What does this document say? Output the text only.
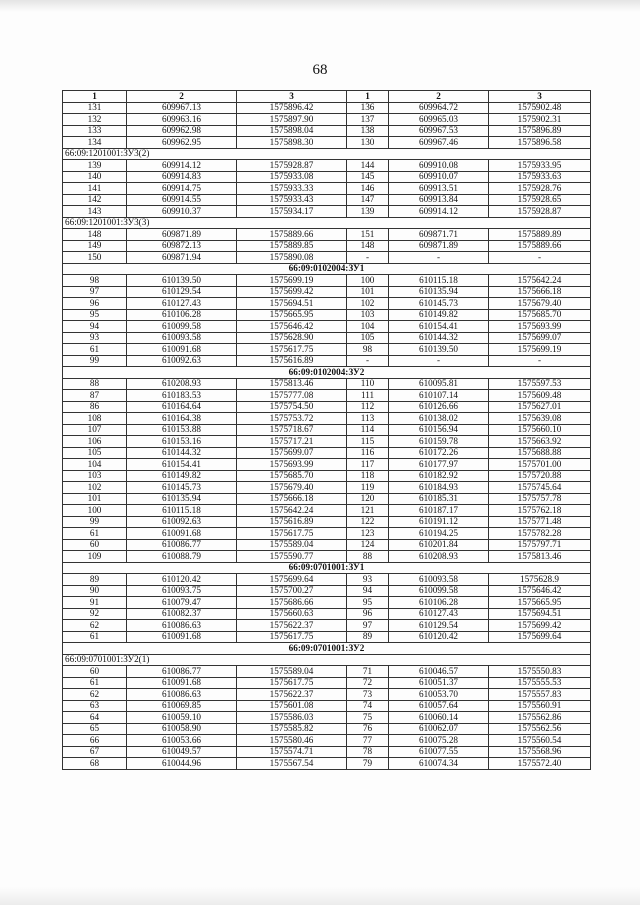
68
1	2	3	1	2	3
131	609967.13	1575896.42	136	609964.72	1575902.48
132	609963.16	1575897.90	137	609965.03	1575902.31
133	609962.98	1575898.04	138	609967.53	1575896.89
134	609962.95	1575898.30	130	609967.46	1575896.58
66:09:1201001:ЗУ3(2)					
139	609914.12	1575928.87	144	609910.08	1575933.95
140	609914.83	1575933.08	145	609910.07	1575933.63
141	609914.75	1575933.33	146	609913.51	1575928.76
142	609914.55	1575933.43	147	609913.84	1575928.65
143	609910.37	1575934.17	139	609914.12	1575928.87
66:09:1201001:ЗУ3(3)					
148	609871.89	1575889.66	151	609871.71	1575889.89
149	609872.13	1575889.85	148	609871.89	1575889.66
150	609871.94	1575890.08	-	-	-
66:09:0102004:ЗУ1					
98	610139.50	1575699.19	100	610115.18	1575642.24
97	610129.54	1575699.42	101	610135.94	1575666.18
96	610127.43	1575694.51	102	610145.73	1575679.40
95	610106.28	1575665.95	103	610149.82	1575685.70
94	610099.58	1575646.42	104	610154.41	1575693.99
93	610093.58	1575628.90	105	610144.32	1575699.07
61	610091.68	1575617.75	98	610139.50	1575699.19
99	610092.63	1575616.89	-	-	-
66:09:0102004:ЗУ2					
88	610208.93	1575813.46	110	610095.81	1575597.53
87	610183.53	1575777.08	111	610107.14	1575609.48
86	610164.64	1575754.50	112	610126.66	1575627.01
108	610164.38	1575753.72	113	610138.02	1575639.08
107	610153.88	1575718.67	114	610156.94	1575660.10
106	610153.16	1575717.21	115	610159.78	1575663.92
105	610144.32	1575699.07	116	610172.26	1575688.88
104	610154.41	1575693.99	117	610177.97	1575701.00
103	610149.82	1575685.70	118	610182.92	1575720.88
102	610145.73	1575679.40	119	610184.93	1575745.64
101	610135.94	1575666.18	120	610185.31	1575757.78
100	610115.18	1575642.24	121	610187.17	1575762.18
99	610092.63	1575616.89	122	610191.12	1575771.48
61	610091.68	1575617.75	123	610194.25	1575782.28
60	610086.77	1575589.04	124	610201.84	1575797.71
109	610088.79	1575590.77	88	610208.93	1575813.46
66:09:0701001:ЗУ1					
89	610120.42	1575699.64	93	610093.58	1575628.9
90	610093.75	1575700.27	94	610099.58	1575646.42
91	610079.47	1575686.66	95	610106.28	1575665.95
92	610082.37	1575660.63	96	610127.43	1575694.51
62	610086.63	1575622.37	97	610129.54	1575699.42
61	610091.68	1575617.75	89	610120.42	1575699.64
66:09:0701001:ЗУ2					
66:09:0701001:ЗУ2(1)					
60	610086.77	1575589.04	71	610046.57	1575550.83
61	610091.68	1575617.75	72	610051.37	1575555.53
62	610086.63	1575622.37	73	610053.70	1575557.83
63	610069.85	1575601.08	74	610057.64	1575560.91
64	610059.10	1575586.03	75	610060.14	1575562.86
65	610058.90	1575585.82	76	610062.07	1575562.56
66	610053.66	1575580.46	77	610075.28	1575560.54
67	610049.57	1575574.71	78	610077.55	1575568.96
68	610044.96	1575567.54	79	610074.34	1575572.40
